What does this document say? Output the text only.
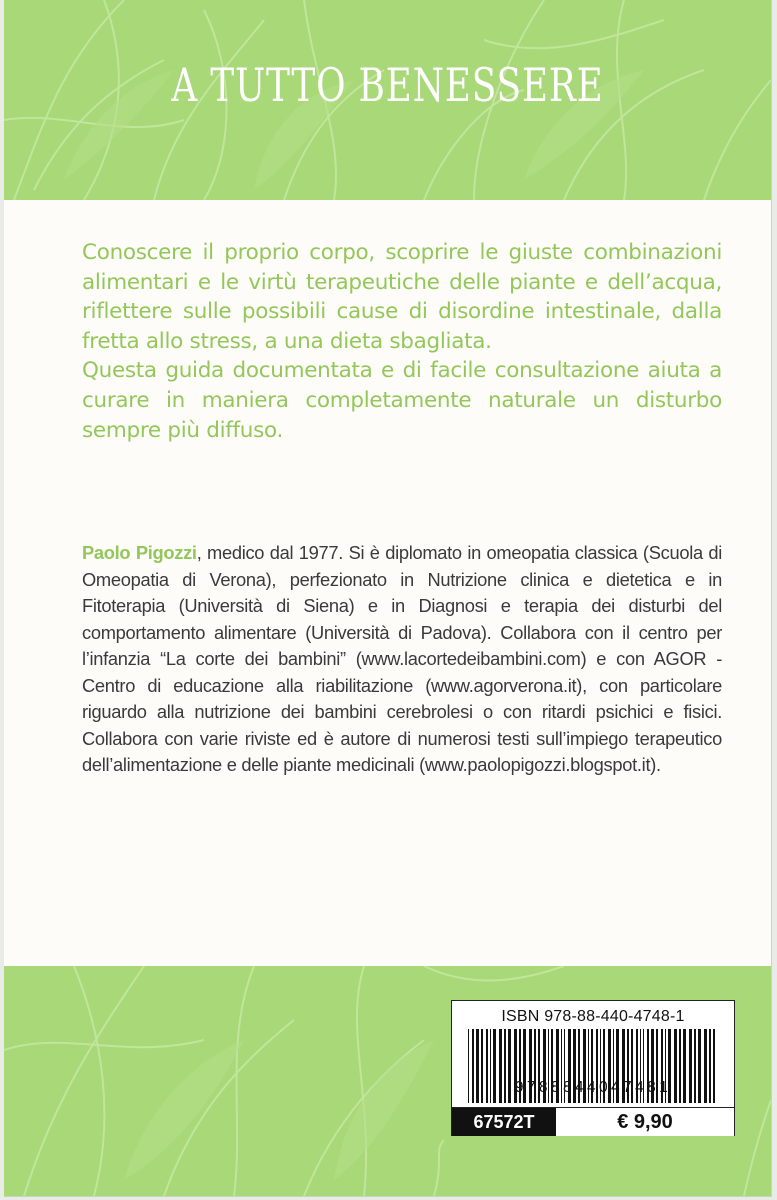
A TUTTO BENESSERE

Conoscere il proprio corpo, scoprire le giuste combinazioni alimentari e le virtù terapeutiche delle piante e dell’acqua, riflettere sulle possibili cause di disordine intestinale, dalla fretta allo stress, a una dieta sbagliata.

Questa guida documentata e di facile consultazione aiuta a curare in maniera completamente naturale un disturbo sempre più diffuso.

Paolo Pigozzi, medico dal 1977. Si è diplomato in omeopatia classica (Scuola di Omeopatia di Verona), perfezionato in Nutrizione clinica e dietetica e in Fitoterapia (Università di Siena) e in Diagnosi e terapia dei disturbi del comportamento alimentare (Università di Padova). Collabora con il centro per l’infanzia “La corte dei bambini” (www.lacortedeibambini.com) e con AGOR - Centro di educazione alla riabilitazione (www.agorverona.it), con particolare riguardo alla nutrizione dei bambini cerebrolesi o con ritardi psichici e fisici. Collabora con varie riviste ed è autore di numerosi testi sull’impiego terapeutico dell’alimentazione e delle piante medicinali (www.paolopigozzi.blogspot.it).

ISBN 978-88-440-4748-1
9788844047481
67572T	€ 9,90
